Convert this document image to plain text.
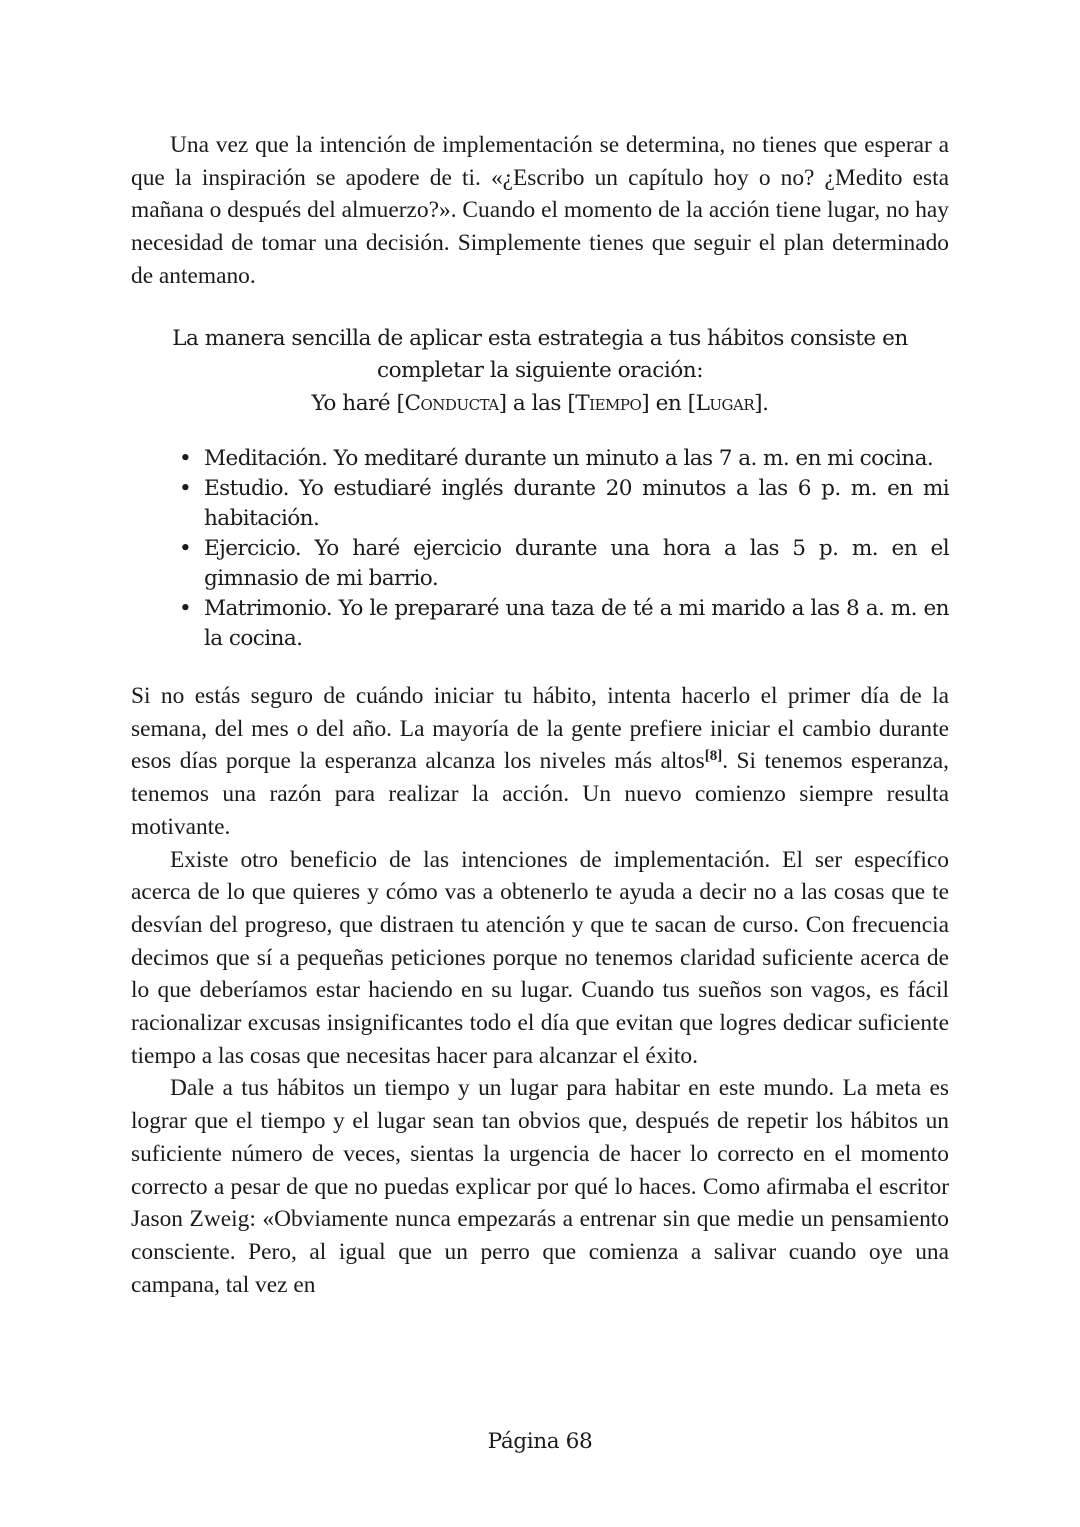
Una vez que la intención de implementación se determina, no tienes que esperar a que la inspiración se apodere de ti. «¿Escribo un capítulo hoy o no? ¿Medito esta mañana o después del almuerzo?». Cuando el momento de la acción tiene lugar, no hay necesidad de tomar una decisión. Simplemente tienes que seguir el plan determinado de antemano.

La manera sencilla de aplicar esta estrategia a tus hábitos consiste en completar la siguiente oración:
Yo haré [Conducta] a las [Tiempo] en [Lugar].
• Meditación. Yo meditaré durante un minuto a las 7 a. m. en mi cocina.
• Estudio. Yo estudiaré inglés durante 20 minutos a las 6 p. m. en mi habitación.
• Ejercicio. Yo haré ejercicio durante una hora a las 5 p. m. en el gimnasio de mi barrio.
• Matrimonio. Yo le prepararé una taza de té a mi marido a las 8 a. m. en la cocina.

Si no estás seguro de cuándo iniciar tu hábito, intenta hacerlo el primer día de la semana, del mes o del año. La mayoría de la gente prefiere iniciar el cambio durante esos días porque la esperanza alcanza los niveles más altos[8]. Si tenemos esperanza, tenemos una razón para realizar la acción. Un nuevo comienzo siempre resulta motivante.

Existe otro beneficio de las intenciones de implementación. El ser específico acerca de lo que quieres y cómo vas a obtenerlo te ayuda a decir no a las cosas que te desvían del progreso, que distraen tu atención y que te sacan de curso. Con frecuencia decimos que sí a pequeñas peticiones porque no tenemos claridad suficiente acerca de lo que deberíamos estar haciendo en su lugar. Cuando tus sueños son vagos, es fácil racionalizar excusas insignificantes todo el día que evitan que logres dedicar suficiente tiempo a las cosas que necesitas hacer para alcanzar el éxito.

Dale a tus hábitos un tiempo y un lugar para habitar en este mundo. La meta es lograr que el tiempo y el lugar sean tan obvios que, después de repetir los hábitos un suficiente número de veces, sientas la urgencia de hacer lo correcto en el momento correcto a pesar de que no puedas explicar por qué lo haces. Como afirmaba el escritor Jason Zweig: «Obviamente nunca empezarás a entrenar sin que medie un pensamiento consciente. Pero, al igual que un perro que comienza a salivar cuando oye una campana, tal vez en

Página 68
